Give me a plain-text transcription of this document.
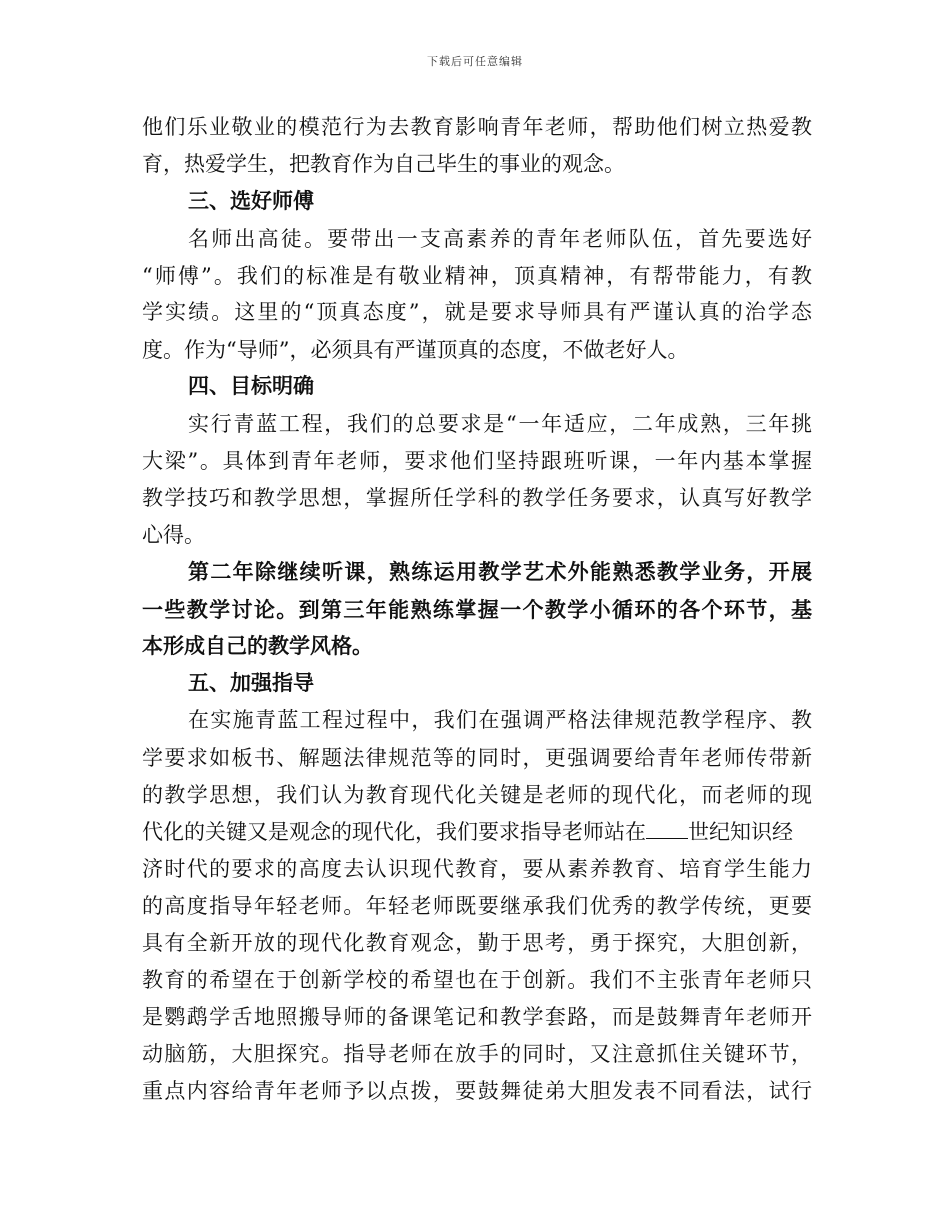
下载后可任意编辑
他们乐业敬业的模范行为去教育影响青年老师，帮助他们树立热爱教
育，热爱学生，把教育作为自己毕生的事业的观念。
三、选好师傅
名师出高徒。要带出一支高素养的青年老师队伍，首先要选好
“师傅”。我们的标准是有敬业精神，顶真精神，有帮带能力，有教
学实绩。这里的“顶真态度”，就是要求导师具有严谨认真的治学态
度。作为“导师”，必须具有严谨顶真的态度，不做老好人。
四、目标明确
实行青蓝工程，我们的总要求是“一年适应，二年成熟，三年挑
大梁”。具体到青年老师，要求他们坚持跟班听课，一年内基本掌握
教学技巧和教学思想，掌握所任学科的教学任务要求，认真写好教学
心得。
第二年除继续听课，熟练运用教学艺术外能熟悉教学业务，开展
一些教学讨论。到第三年能熟练掌握一个教学小循环的各个环节，基
本形成自己的教学风格。
五、加强指导
在实施青蓝工程过程中，我们在强调严格法律规范教学程序、教
学要求如板书、解题法律规范等的同时，更强调要给青年老师传带新
的教学思想，我们认为教育现代化关键是老师的现代化，而老师的现
代化的关键又是观念的现代化，我们要求指导老师站在 世纪知识经
济时代的要求的高度去认识现代教育，要从素养教育、培育学生能力
的高度指导年轻老师。年轻老师既要继承我们优秀的教学传统，更要
具有全新开放的现代化教育观念，勤于思考，勇于探究，大胆创新，
教育的希望在于创新学校的希望也在于创新。我们不主张青年老师只
是鹦鹉学舌地照搬导师的备课笔记和教学套路，而是鼓舞青年老师开
动脑筋，大胆探究。指导老师在放手的同时，又注意抓住关键环节，
重点内容给青年老师予以点拨，要鼓舞徒弟大胆发表不同看法，试行
